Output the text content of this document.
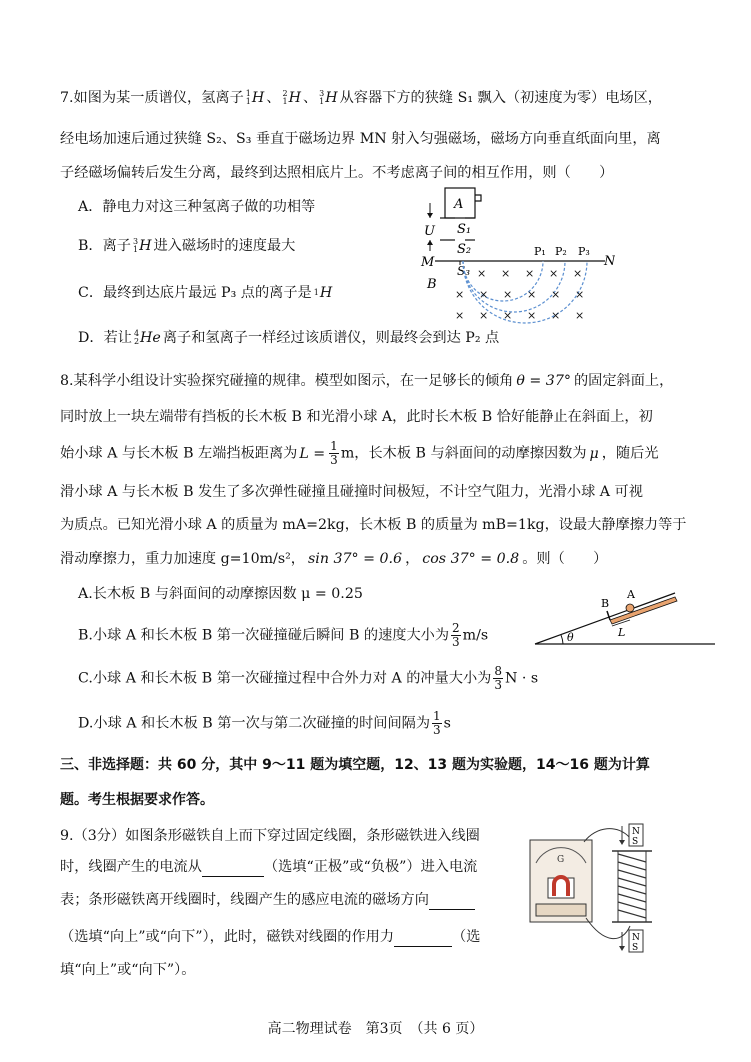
7.如图为某一质谱仪，氢离子 1
1 H 、 2
1 H 、 3
1 H 从容器下方的狭缝 S₁ 飘入（初速度为零）电场区，
经电场加速后通过狭缝 S₂、S₃ 垂直于磁场边界 MN 射入匀强磁场，磁场方向垂直纸面向里，离
子经磁场偏转后发生分离，最终到达照相底片上。不考虑离子间的相互作用，则（　　）
A．静电力对这三种氢离子做的功相等
B．离子 3
1 H 进入磁场时的速度最大
C．最终到达底片最远 P₃ 点的离子是 1 H
D．若让 4
2 He 离子和氢离子一样经过该质谱仪，则最终会到达 P₂ 点
A
U S₁
S₂
S₃
M	N
B
P₁ P₂ P₃
× × × × ×
× × × × × ×
× × × × × ×
8.某科学小组设计实验探究碰撞的规律。模型如图示，在一足够长的倾角 θ = 37° 的固定斜面上，
同时放上一块左端带有挡板的长木板 B 和光滑小球 A，此时长木板 B 恰好能静止在斜面上，初
始小球 A 与长木板 B 左端挡板距离为 $L = \frac{1}{3}$ m，长木板 B 与斜面间的动摩擦因数为 μ ，随后光
滑小球 A 与长木板 B 发生了多次弹性碰撞且碰撞时间极短，不计空气阻力，光滑小球 A 可视
为质点。已知光滑小球 A 的质量为 mA=2kg，长木板 B 的质量为 mB=1kg，设最大静摩擦力等于
滑动摩擦力，重力加速度 g=10m/s²， sin 37° = 0.6 ， cos 37° = 0.8 。则（　　）
A.长木板 B 与斜面间的动摩擦因数 μ = 0.25
B.小球 A 和长木板 B 第一次碰撞碰后瞬间 B 的速度大小为 $\frac{2}{3} m/s$
C.小球 A 和长木板 B 第一次碰撞过程中合外力对 A 的冲量大小为 $\frac{8}{3}$ N · s
D.小球 A 和长木板 B 第一次与第二次碰撞的时间间隔为 $\frac{1}{3}$ s
θ
B
A
L
三、非选择题：共 60 分，其中 9～11 题为填空题，12、13 题为实验题，14～16 题为计算
题。考生根据要求作答。
9.（3分）如图条形磁铁自上而下穿过固定线圈，条形磁铁进入线圈
时，线圈产生的电流从	（选填“正极”或“负极”）进入电流
表；条形磁铁离开线圈时，线圈产生的感应电流的磁场方向
（选填“向上”或“向下”），此时，磁铁对线圈的作用力	（选
填“向上”或“向下”）。
G
N
S
N
S
高二物理试卷　第3页　（共 6 页）
